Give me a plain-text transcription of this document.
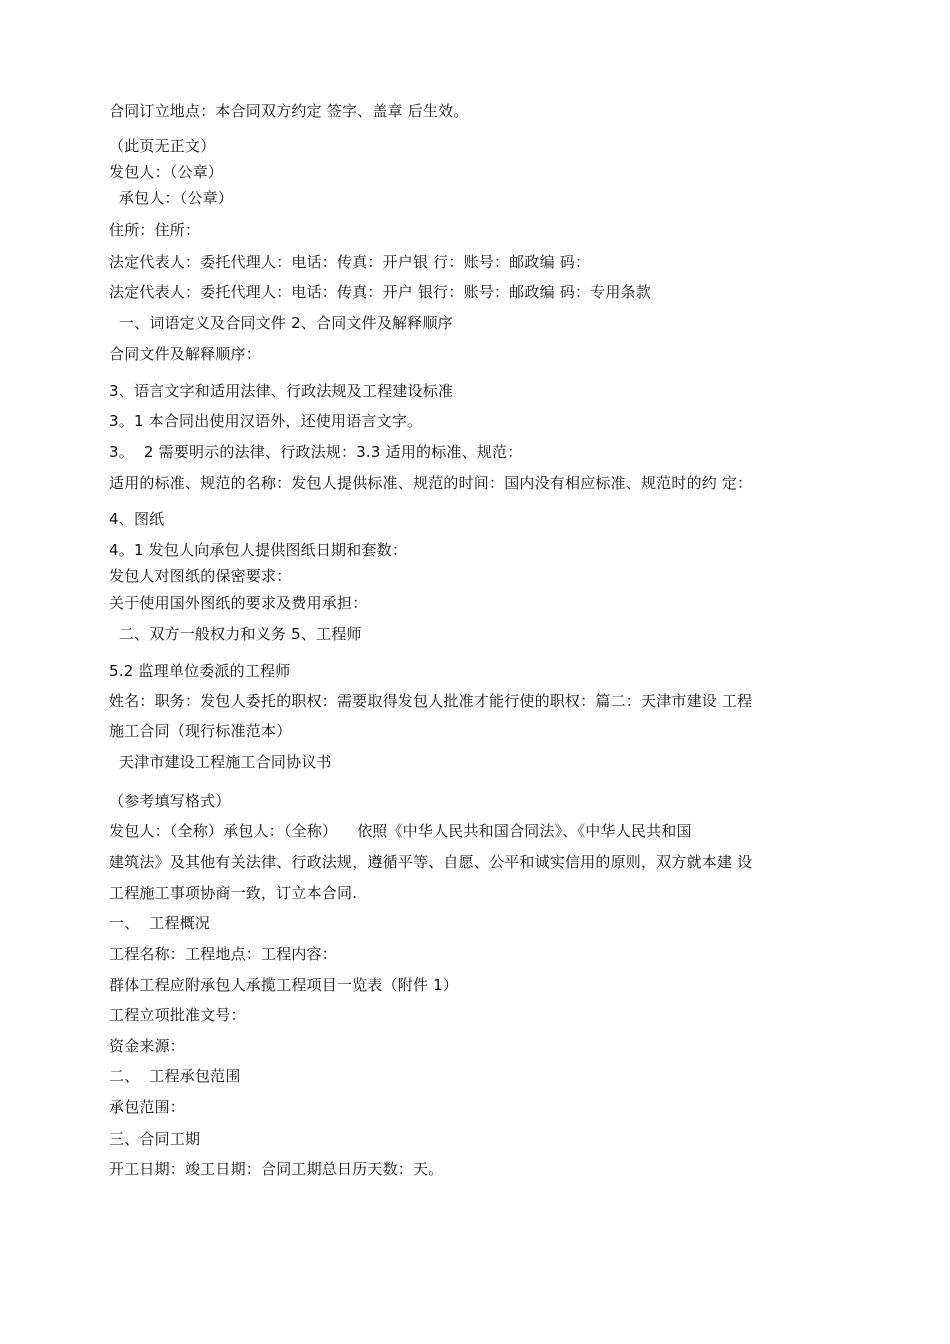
合同订立地点：本合同双方约定 签字、盖章 后生效。
（此页无正文）
发包人：（公章）
承包人：（公章）
住所：住所：
法定代表人：委托代理人：电话：传真：开户银 行：账号：邮政编 码：
法定代表人：委托代理人：电话：传真：开户 银行：账号：邮政编 码：专用条款
一、词语定义及合同文件 2、合同文件及解释顺序
合同文件及解释顺序：
3、语言文字和适用法律、行政法规及工程建设标准
3。1 本合同出使用汉语外，还使用语言文字。
3。  2 需要明示的法律、行政法规：3.3 适用的标准、规范：
适用的标准、规范的名称：发包人提供标准、规范的时间：国内没有相应标准、规范时的约 定：
4、图纸
4。1 发包人向承包人提供图纸日期和套数：
发包人对图纸的保密要求：
关于使用国外图纸的要求及费用承担：
二、双方一般权力和义务 5、工程师
5.2 监理单位委派的工程师
姓名：职务：发包人委托的职权：需要取得发包人批准才能行使的职权：篇二：天津市建设 工程
施工合同（现行标准范本）
天津市建设工程施工合同协议书
（参考填写格式）
发包人：（全称）承包人：（全称）    依照《中华人民共和国合同法》、《中华人民共和国
建筑法》及其他有关法律、行政法规，遵循平等、自愿、公平和诚实信用的原则，双方就本建 设
工程施工事项协商一致，订立本合同.
一、  工程概况
工程名称：工程地点：工程内容：
群体工程应附承包人承揽工程项目一览表（附件 1）
工程立项批准文号：
资金来源：
二、  工程承包范围
承包范围：
三、合同工期
开工日期：竣工日期：合同工期总日历天数：天。
